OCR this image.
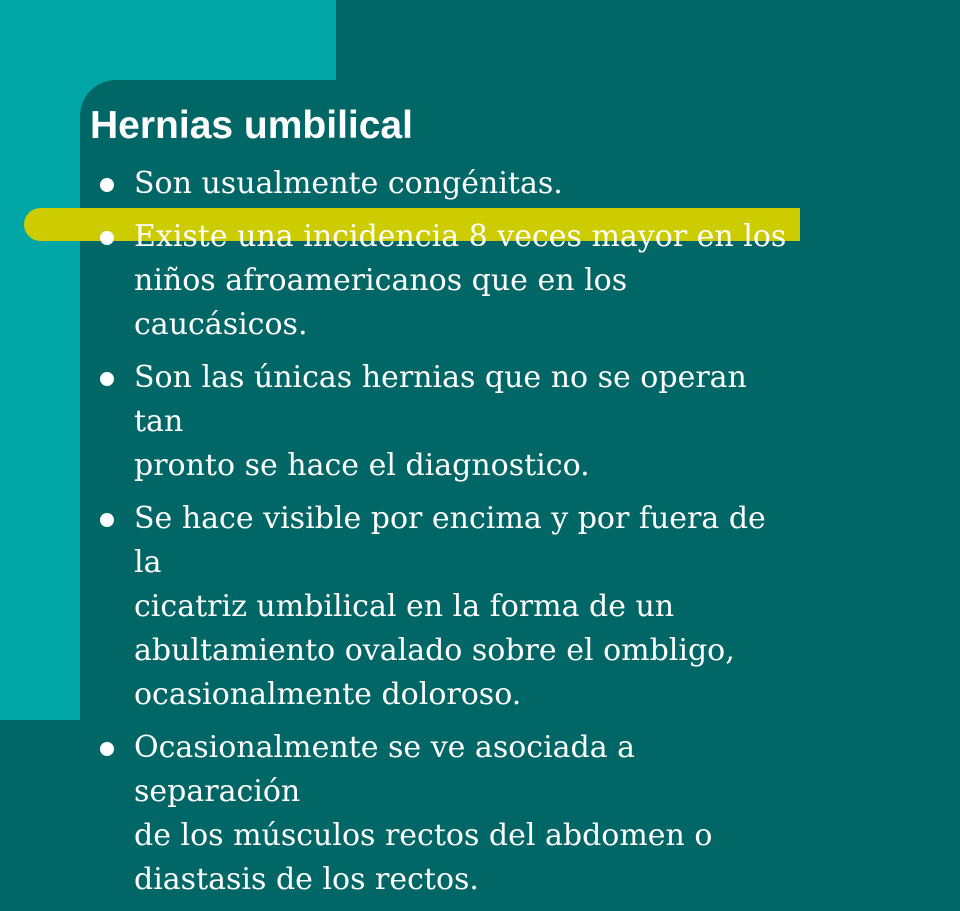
Hernias umbilical
Son usualmente congénitas.
Existe una incidencia 8 veces mayor en los
niños afroamericanos que en los caucásicos.
Son las únicas hernias que no se operan tan
pronto se hace el diagnostico.
Se hace visible por encima y por fuera de la
cicatriz umbilical en la forma de un
abultamiento ovalado sobre el ombligo,
ocasionalmente doloroso.
Ocasionalmente se ve asociada a separación
de los músculos rectos del abdomen o
diastasis de los rectos.
